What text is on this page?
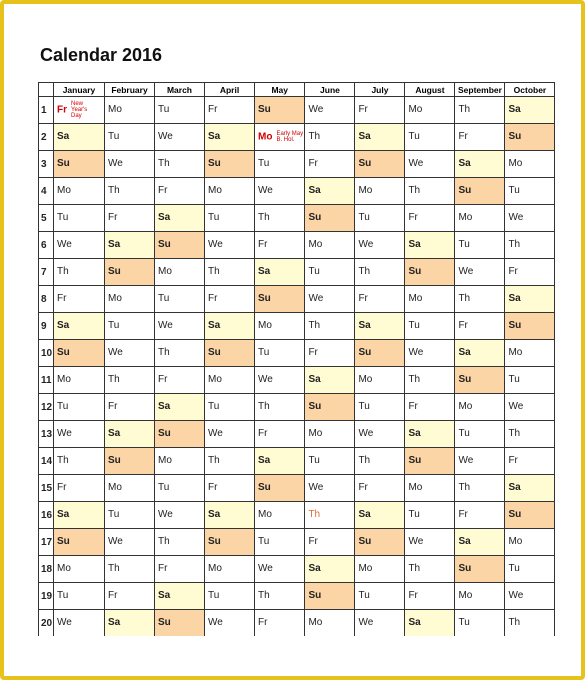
Calendar 2016
	January	February	March	April	May	June	July	August	September	October
1	FrNew Year's Day	Mo	Tu	Fr	Su	We	Fr	Mo	Th	Sa
2	Sa	Tu	We	Sa	Mo Early May B. Hol.	Th	Sa	Tu	Fr	Su
3	Su	We	Th	Su	Tu	Fr	Su	We	Sa	Mo
4	Mo	Th	Fr	Mo	We	Sa	Mo	Th	Su	Tu
5	Tu	Fr	Sa	Tu	Th	Su	Tu	Fr	Mo	We
6	We	Sa	Su	We	Fr	Mo	We	Sa	Tu	Th
7	Th	Su	Mo	Th	Sa	Tu	Th	Su	We	Fr
8	Fr	Mo	Tu	Fr	Su	We	Fr	Mo	Th	Sa
9	Sa	Tu	We	Sa	Mo	Th	Sa	Tu	Fr	Su
10	Su	We	Th	Su	Tu	Fr	Su	We	Sa	Mo
11	Mo	Th	Fr	Mo	We	Sa	Mo	Th	Su	Tu
12	Tu	Fr	Sa	Tu	Th	Su	Tu	Fr	Mo	We
13	We	Sa	Su	We	Fr	Mo	We	Sa	Tu	Th
14	Th	Su	Mo	Th	Sa	Tu	Th	Su	We	Fr
15	Fr	Mo	Tu	Fr	Su	We	Fr	Mo	Th	Sa
16	Sa	Tu	We	Sa	Mo	Th	Sa	Tu	Fr	Su
17	Su	We	Th	Su	Tu	Fr	Su	We	Sa	Mo
18	Mo	Th	Fr	Mo	We	Sa	Mo	Th	Su	Tu
19	Tu	Fr	Sa	Tu	Th	Su	Tu	Fr	Mo	We
20	We	Sa	Su	We	Fr	Mo	We	Sa	Tu	Th
